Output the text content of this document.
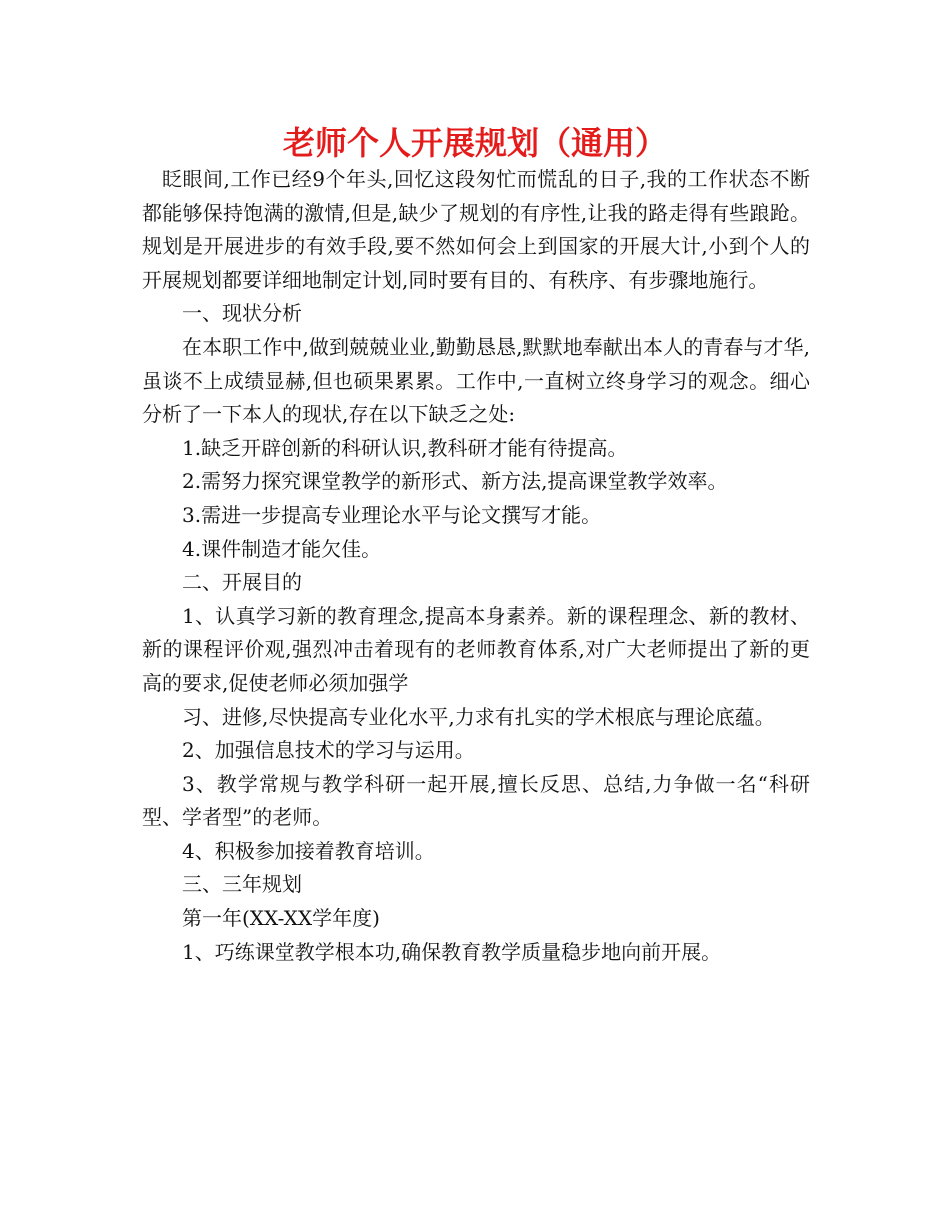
老师个人开展规划（通用）

眨眼间,工作已经9个年头,回忆这段匆忙而慌乱的日子,我的工作状态不断都能够保持饱满的激情,但是,缺少了规划的有序性,让我的路走得有些踉跄。规划是开展进步的有效手段,要不然如何会上到国家的开展大计,小到个人的开展规划都要详细地制定计划,同时要有目的、有秩序、有步骤地施行。

一、现状分析

在本职工作中,做到兢兢业业,勤勤恳恳,默默地奉献出本人的青春与才华,虽谈不上成绩显赫,但也硕果累累。工作中,一直树立终身学习的观念。细心分析了一下本人的现状,存在以下缺乏之处:

1.缺乏开辟创新的科研认识,教科研才能有待提高。

2.需努力探究课堂教学的新形式、新方法,提高课堂教学效率。

3.需进一步提高专业理论水平与论文撰写才能。

4.课件制造才能欠佳。

二、开展目的

1、认真学习新的教育理念,提高本身素养。新的课程理念、新的教材、新的课程评价观,强烈冲击着现有的老师教育体系,对广大老师提出了新的更高的要求,促使老师必须加强学

习、进修,尽快提高专业化水平,力求有扎实的学术根底与理论底蕴。

2、加强信息技术的学习与运用。

3、教学常规与教学科研一起开展,擅长反思、总结,力争做一名“科研型、学者型”的老师。

4、积极参加接着教育培训。

三、三年规划

第一年(XX-XX学年度)

1、巧练课堂教学根本功,确保教育教学质量稳步地向前开展。
